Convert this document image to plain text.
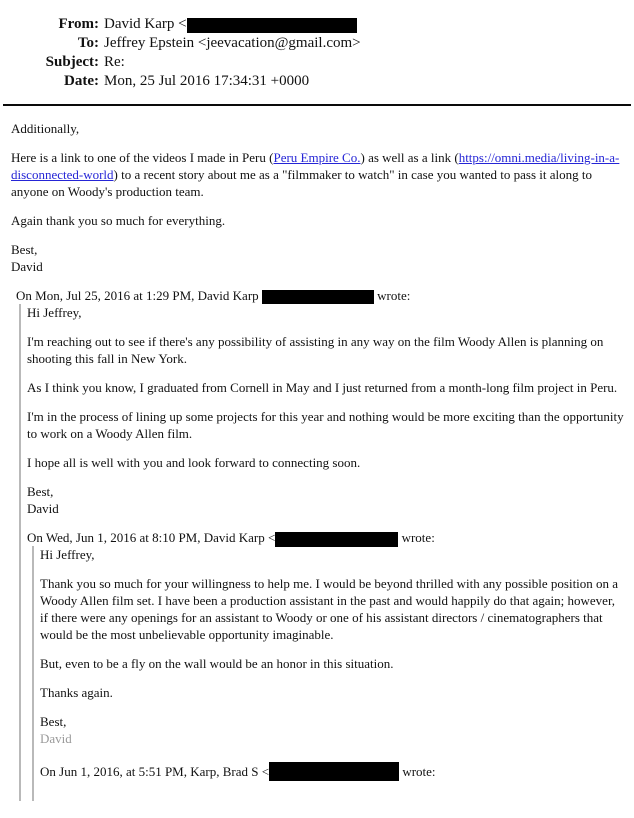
From:	David Karp <
To:	Jeffrey Epstein <jeevacation@gmail.com>
Subject:	Re:
Date:	Mon, 25 Jul 2016 17:34:31 +0000

Additionally,

Here is a link to one of the videos I made in Peru (Peru Empire Co.) as well as a link (https://omni.media/living-in-a-disconnected-world) to a recent story about me as a "filmmaker to watch" in case you wanted to pass it along to anyone on Woody's production team.

Again thank you so much for everything.

Best,
David

On Mon, Jul 25, 2016 at 1:29 PM, David Karp	wrote:

Hi Jeffrey,

I'm reaching out to see if there's any possibility of assisting in any way on the film Woody Allen is planning on shooting this fall in New York.

As I think you know, I graduated from Cornell in May and I just returned from a month-long film project in Peru.

I'm in the process of lining up some projects for this year and nothing would be more exciting than the opportunity to work on a Woody Allen film.

I hope all is well with you and look forward to connecting soon.

Best,
David

On Wed, Jun 1, 2016 at 8:10 PM, David Karp <	wrote:

Hi Jeffrey,

Thank you so much for your willingness to help me. I would be beyond thrilled with any possible position on a Woody Allen film set. I have been a production assistant in the past and would happily do that again; however, if there were any openings for an assistant to Woody or one of his assistant directors / cinematographers that would be the most unbelievable opportunity imaginable.

But, even to be a fly on the wall would be an honor in this situation.

Thanks again.

Best,
David

On Jun 1, 2016, at 5:51 PM, Karp, Brad S <	wrote:
